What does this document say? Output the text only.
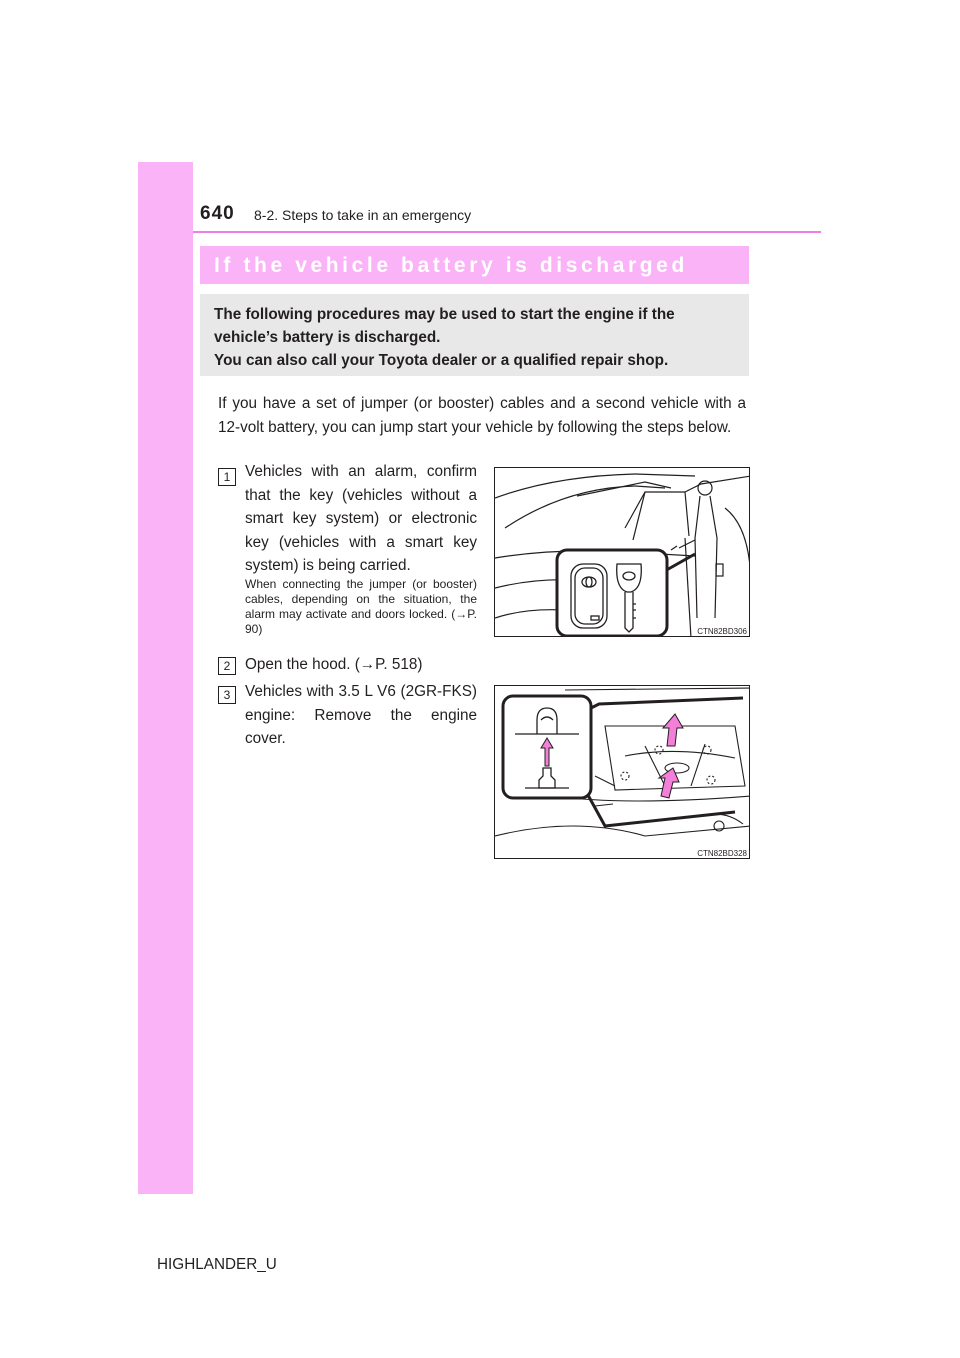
640 8-2. Steps to take in an emergency
If the vehicle battery is discharged
The following procedures may be used to start the engine if the
vehicle’s battery is discharged.
You can also call your Toyota dealer or a qualified repair shop.
If you have a set of jumper (or booster) cables and a second vehicle with a 12-volt battery, you can jump start your vehicle by following the steps below.
1 Vehicles with an alarm, confirm that the key (vehicles without a smart key system) or electronic key (vehicles with a smart key system) is being carried.
When connecting the jumper (or booster) cables, depending on the situation, the alarm may activate and doors locked. (→P. 90)	CTN82BD306
2 Open the hood. (→P. 518)
3 Vehicles with 3.5 L V6 (2GR-FKS) engine: Remove the engine cover.
CTN82BD328
HIGHLANDER_U
